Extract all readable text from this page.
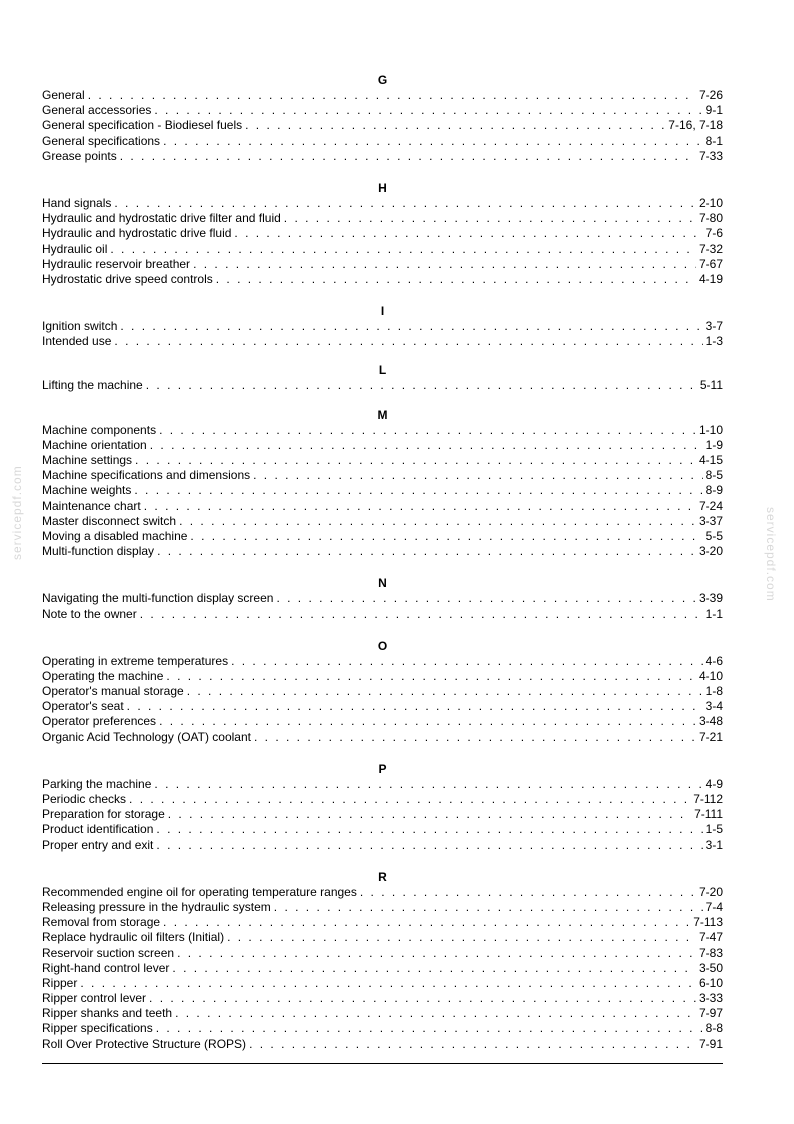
G
General . . .	7-26
General accessories . . .	9-1
General specification - Biodiesel fuels . . .	7-16, 7-18
General specifications . . .	8-1
Grease points . . .	7-33
H
Hand signals . . .	2-10
Hydraulic and hydrostatic drive filter and fluid . . .	7-80
Hydraulic and hydrostatic drive fluid . . .	7-6
Hydraulic oil . . .	7-32
Hydraulic reservoir breather . . .	7-67
Hydrostatic drive speed controls . . .	4-19
I
Ignition switch . . .	3-7
Intended use . . .	1-3
L
Lifting the machine . . .	5-11
M
Machine components . . .	1-10
Machine orientation . . .	1-9
Machine settings . . .	4-15
Machine specifications and dimensions . . .	8-5
Machine weights . . .	8-9
Maintenance chart . . .	7-24
Master disconnect switch . . .	3-37
Moving a disabled machine . . .	5-5
Multi-function display . . .	3-20
N
Navigating the multi-function display screen . . .	3-39
Note to the owner . . .	1-1
O
Operating in extreme temperatures . . .	4-6
Operating the machine . . .	4-10
Operator's manual storage . . .	1-8
Operator's seat . . .	3-4
Operator preferences . . .	3-48
Organic Acid Technology (OAT) coolant . . .	7-21
P
Parking the machine . . .	4-9
Periodic checks . . .	7-112
Preparation for storage . . .	7-111
Product identification . . .	1-5
Proper entry and exit . . .	3-1
R
Recommended engine oil for operating temperature ranges . . .	7-20
Releasing pressure in the hydraulic system . . .	7-4
Removal from storage . . .	7-113
Replace hydraulic oil filters (Initial) . . .	7-47
Reservoir suction screen . . .	7-83
Right-hand control lever . . .	3-50
Ripper . . .	6-10
Ripper control lever . . .	3-33
Ripper shanks and teeth . . .	7-97
Ripper specifications . . .	8-8
Roll Over Protective Structure (ROPS) . . .	7-91
servicepdf.com	servicepdf.com
